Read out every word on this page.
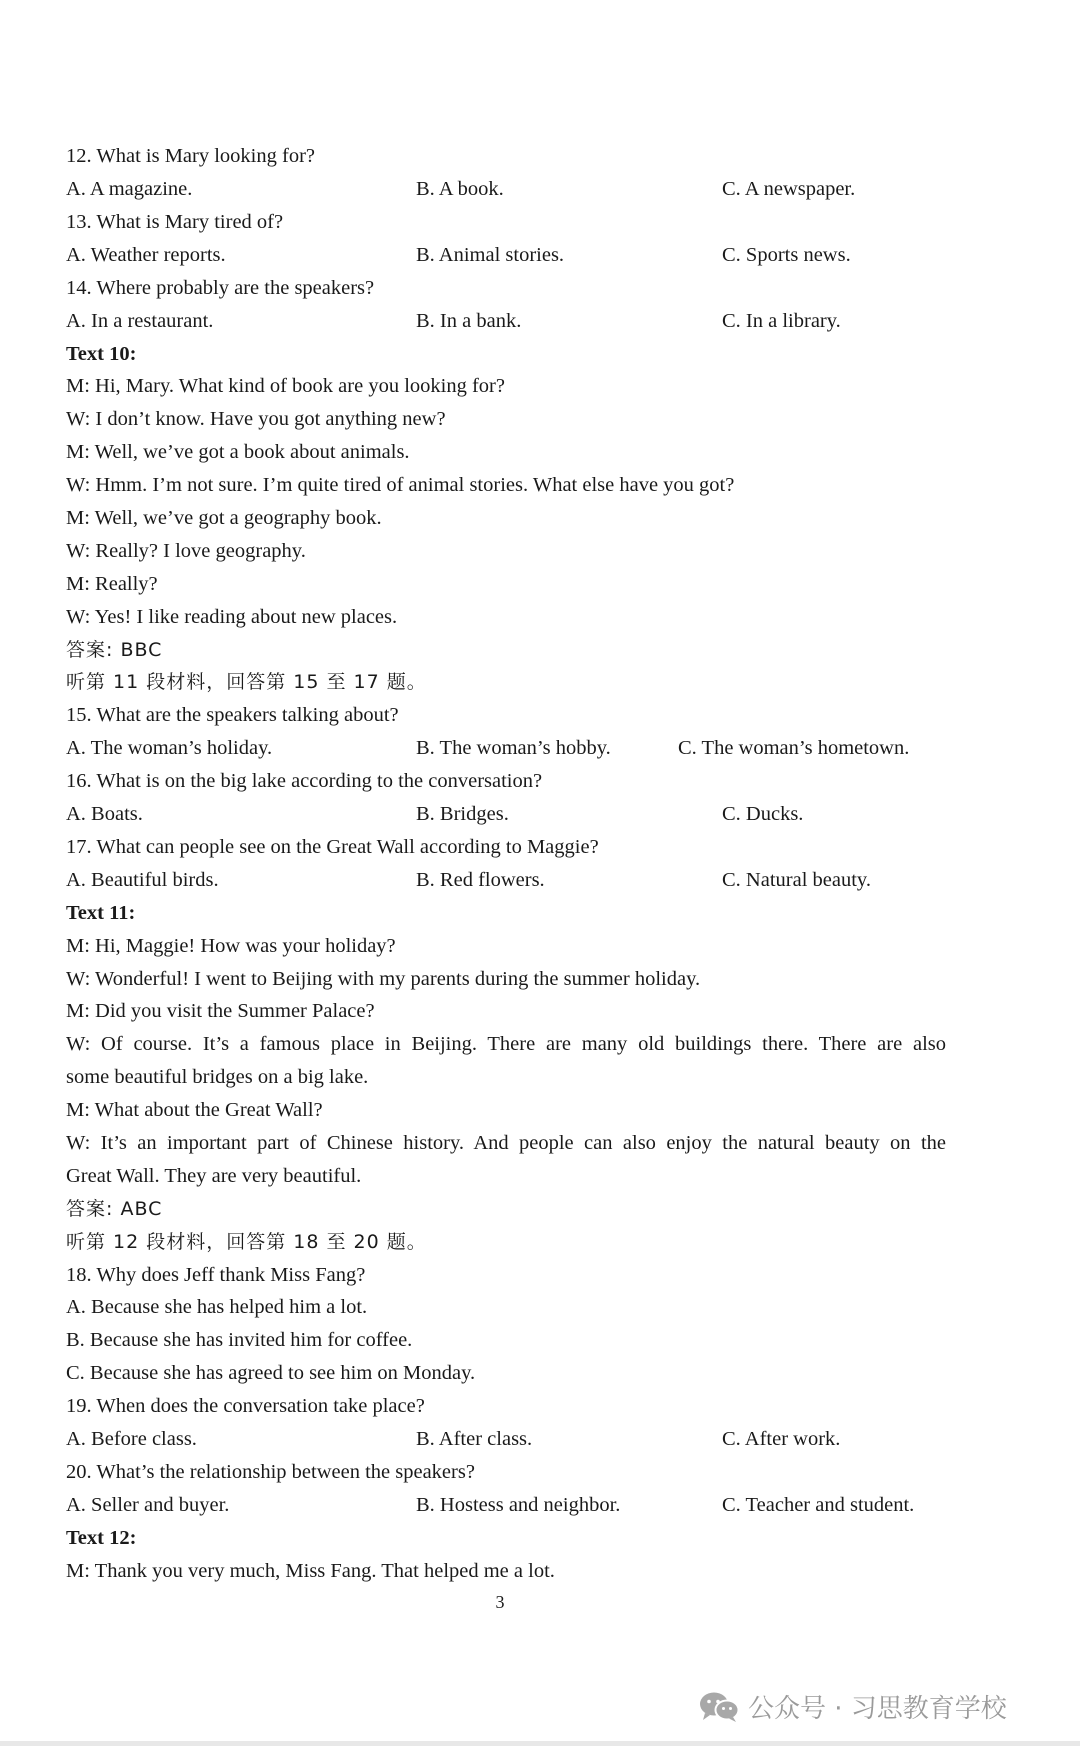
12. What is Mary looking for?
A. A magazine.	B. A book.	C. A newspaper.
13. What is Mary tired of?
A. Weather reports.	B. Animal stories.	C. Sports news.
14. Where probably are the speakers?
A. In a restaurant.	B. In a bank.	C. In a library.
Text 10:
M: Hi, Mary. What kind of book are you looking for?
W: I don’t know. Have you got anything new?
M: Well, we’ve got a book about animals.
W: Hmm. I’m not sure. I’m quite tired of animal stories. What else have you got?
M: Well, we’ve got a geography book.
W: Really? I love geography.
M: Really?
W: Yes! I like reading about new places.
答案: BBC
听第 11 段材料，回答第 15 至 17 题。
15. What are the speakers talking about?
A. The woman’s holiday.	B. The woman’s hobby.	C. The woman’s hometown.
16. What is on the big lake according to the conversation?
A. Boats.	B. Bridges.	C. Ducks.
17. What can people see on the Great Wall according to Maggie?
A. Beautiful birds.	B. Red flowers.	C. Natural beauty.
Text 11:
M: Hi, Maggie! How was your holiday?
W: Wonderful! I went to Beijing with my parents during the summer holiday.
M: Did you visit the Summer Palace?
W: Of course. It’s a famous place in Beijing. There are many old buildings there. There are also
some beautiful bridges on a big lake.
M: What about the Great Wall?
W: It’s an important part of Chinese history. And people can also enjoy the natural beauty on the
Great Wall. They are very beautiful.
答案: ABC
听第 12 段材料，回答第 18 至 20 题。
18. Why does Jeff thank Miss Fang?
A. Because she has helped him a lot.
B. Because she has invited him for coffee.
C. Because she has agreed to see him on Monday.
19. When does the conversation take place?
A. Before class.	B. After class.	C. After work.
20. What’s the relationship between the speakers?
A. Seller and buyer.	B. Hostess and neighbor.	C. Teacher and student.
Text 12:
M: Thank you very much, Miss Fang. That helped me a lot.
3
公众号 · 习思教育学校
